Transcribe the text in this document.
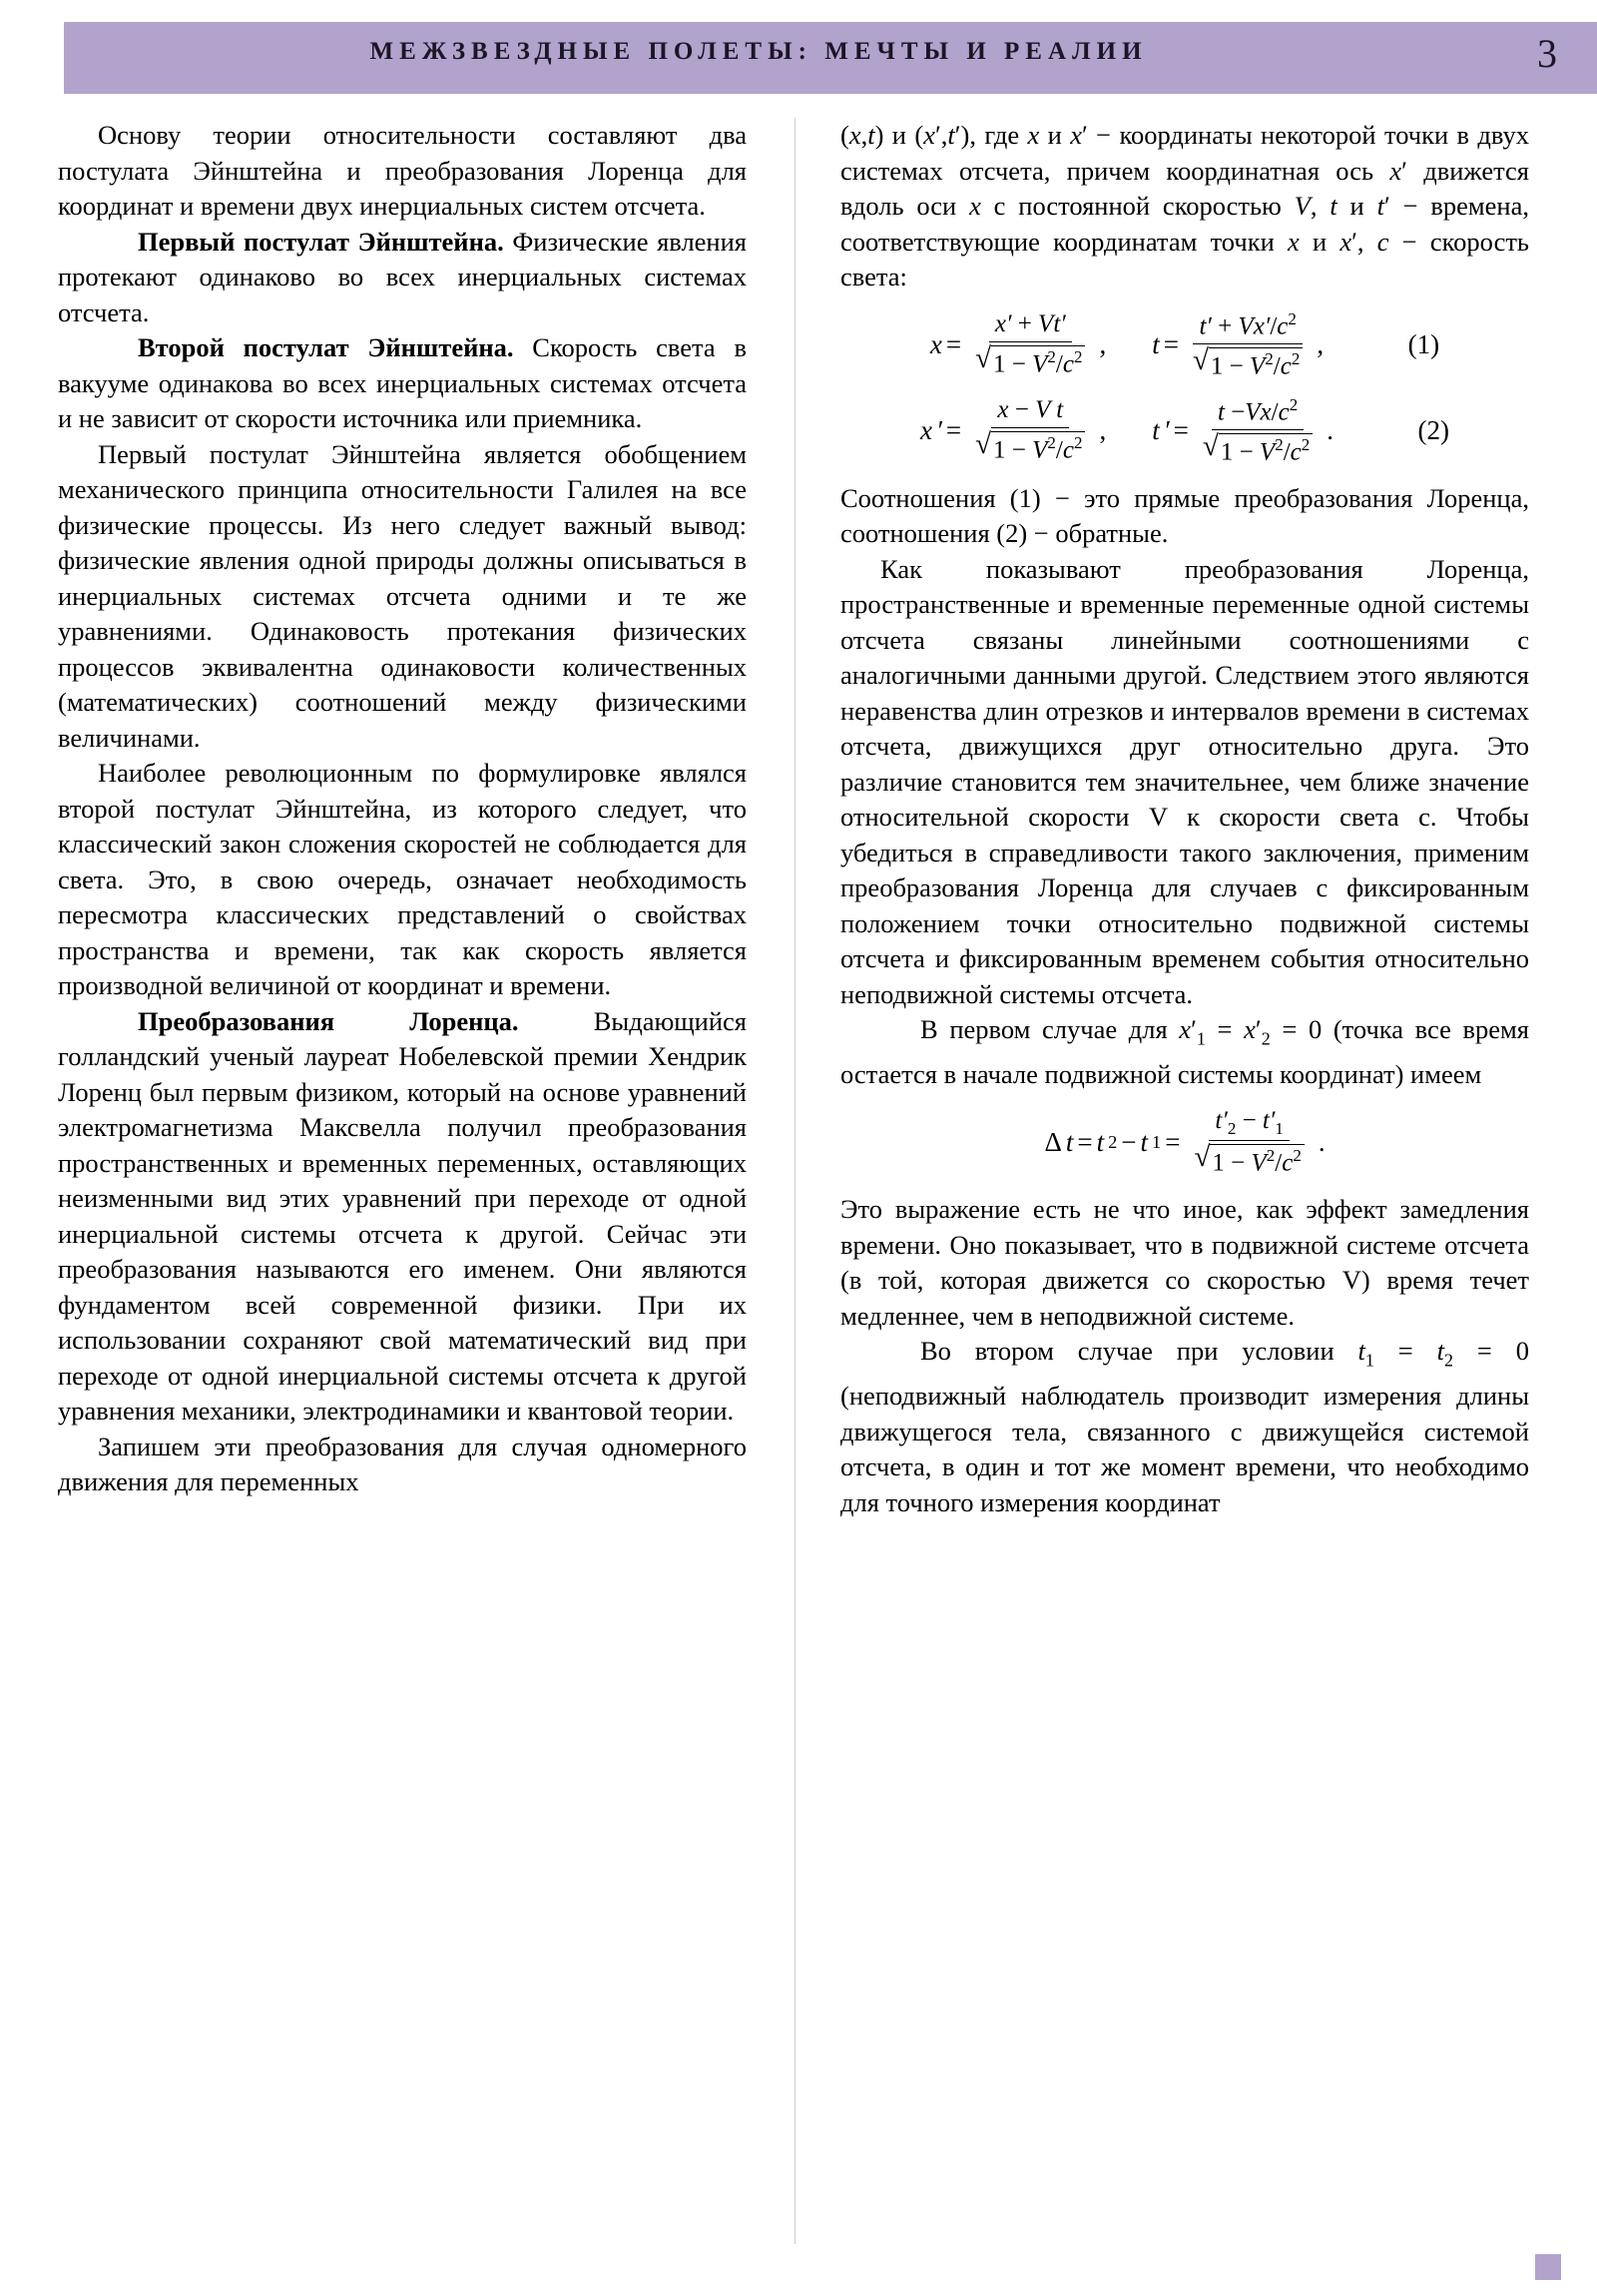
МЕЖЗВЕЗДНЫЕ ПОЛЕТЫ: МЕЧТЫ И РЕАЛИИ	3

Основу теории относительности составляют два постулата Эйнштейна и преобразования Лоренца для координат и времени двух инерциальных систем отсчета.

Первый постулат Эйнштейна. Физические явления протекают одинаково во всех инерциальных системах отсчета.

Второй постулат Эйнштейна. Скорость света в вакууме одинакова во всех инерциальных системах отсчета и не зависит от скорости источника или приемника.

Первый постулат Эйнштейна является обобщением механического принципа относительности Галилея на все физические процессы. Из него следует важный вывод: физические явления одной природы должны описываться в инерциальных системах отсчета одними и те же уравнениями. Одинаковость протекания физических процессов эквивалентна одинаковости количественных (математических) соотношений между физическими величинами.

Наиболее революционным по формулировке являлся второй постулат Эйнштейна, из которого следует, что классический закон сложения скоростей не соблюдается для света. Это, в свою очередь, означает необходимость пересмотра классических представлений о свойствах пространства и времени, так как скорость является производной величиной от координат и времени.

Преобразования Лоренца.	Выдающийся голландский ученый лауреат Нобелевской премии Хендрик Лоренц был первым физиком, который на основе уравнений электромагнетизма Максвелла получил преобразования пространственных и временных переменных, оставляющих неизменными вид этих уравнений при переходе от одной инерциальной системы отсчета к другой. Сейчас эти преобразования называются его именем. Они являются фундаментом всей современной физики. При их использовании сохраняют свой математический вид при переходе от одной инерциальной системы отсчета к другой уравнения механики, электродинамики и квантовой теории.

Запишем эти преобразования для случая одномерного движения для переменных

(x,t) и (x′,t′), где x и x′ − координаты некоторой точки в двух системах отсчета, причем координатная ось x′ движется вдоль оси x с постоянной скоростью V, t и t′ − времена, соответствующие координатам точки x и x′, c − скорость света:

$x = \frac{x' + Vt'}{√ 1 - V^2/c^2}$ , $t = \frac{t' + Vx'/c^2}{√ 1 - V^2/c^2}$ ,	(1)
x ′ = $\frac{\text{x − V t}}{√ 1 - V^2/c^2}$ , t ′ = $\frac{t -Vx/c^2}{√ 1 - V^2/c^2}$ .	(2)

Соотношения (1) − это прямые преобразования Лоренца, соотношения (2) − обратные.

Как показывают преобразования Лоренца, пространственные и временные переменные одной системы отсчета связаны линейными соотношениями с аналогичными данными другой. Следствием этого являются неравенства длин отрезков и интервалов времени в системах отсчета, движущихся друг относительно друга. Это различие становится тем значительнее, чем ближе значение относительной скорости V к скорости света c. Чтобы убедиться в справедливости такого заключения, применим преобразования Лоренца для случаев с фиксированным положением точки относительно подвижной системы отсчета и фиксированным временем события относительно неподвижной системы отсчета.

В первом случае для $x'_1 = x'_2 = 0$ (точка все время остается в начале подвижной системы координат) имеем

Δ t = t 2 − t $1 = \frac{t'_2 - t'_1}{√ 1 - V^2/c^2}$ .

Это выражение есть не что иное, как эффект замедления времени. Оно показывает, что в подвижной системе отсчета (в той, которая движется со скоростью V) время течет медленнее, чем в неподвижной системе.

Во втором случае при условии $t_1 = t_2 = 0$ (неподвижный наблюдатель производит измерения длины движущегося тела, связанного с движущейся системой отсчета, в один и тот же момент времени, что необходимо для точного измерения координат
